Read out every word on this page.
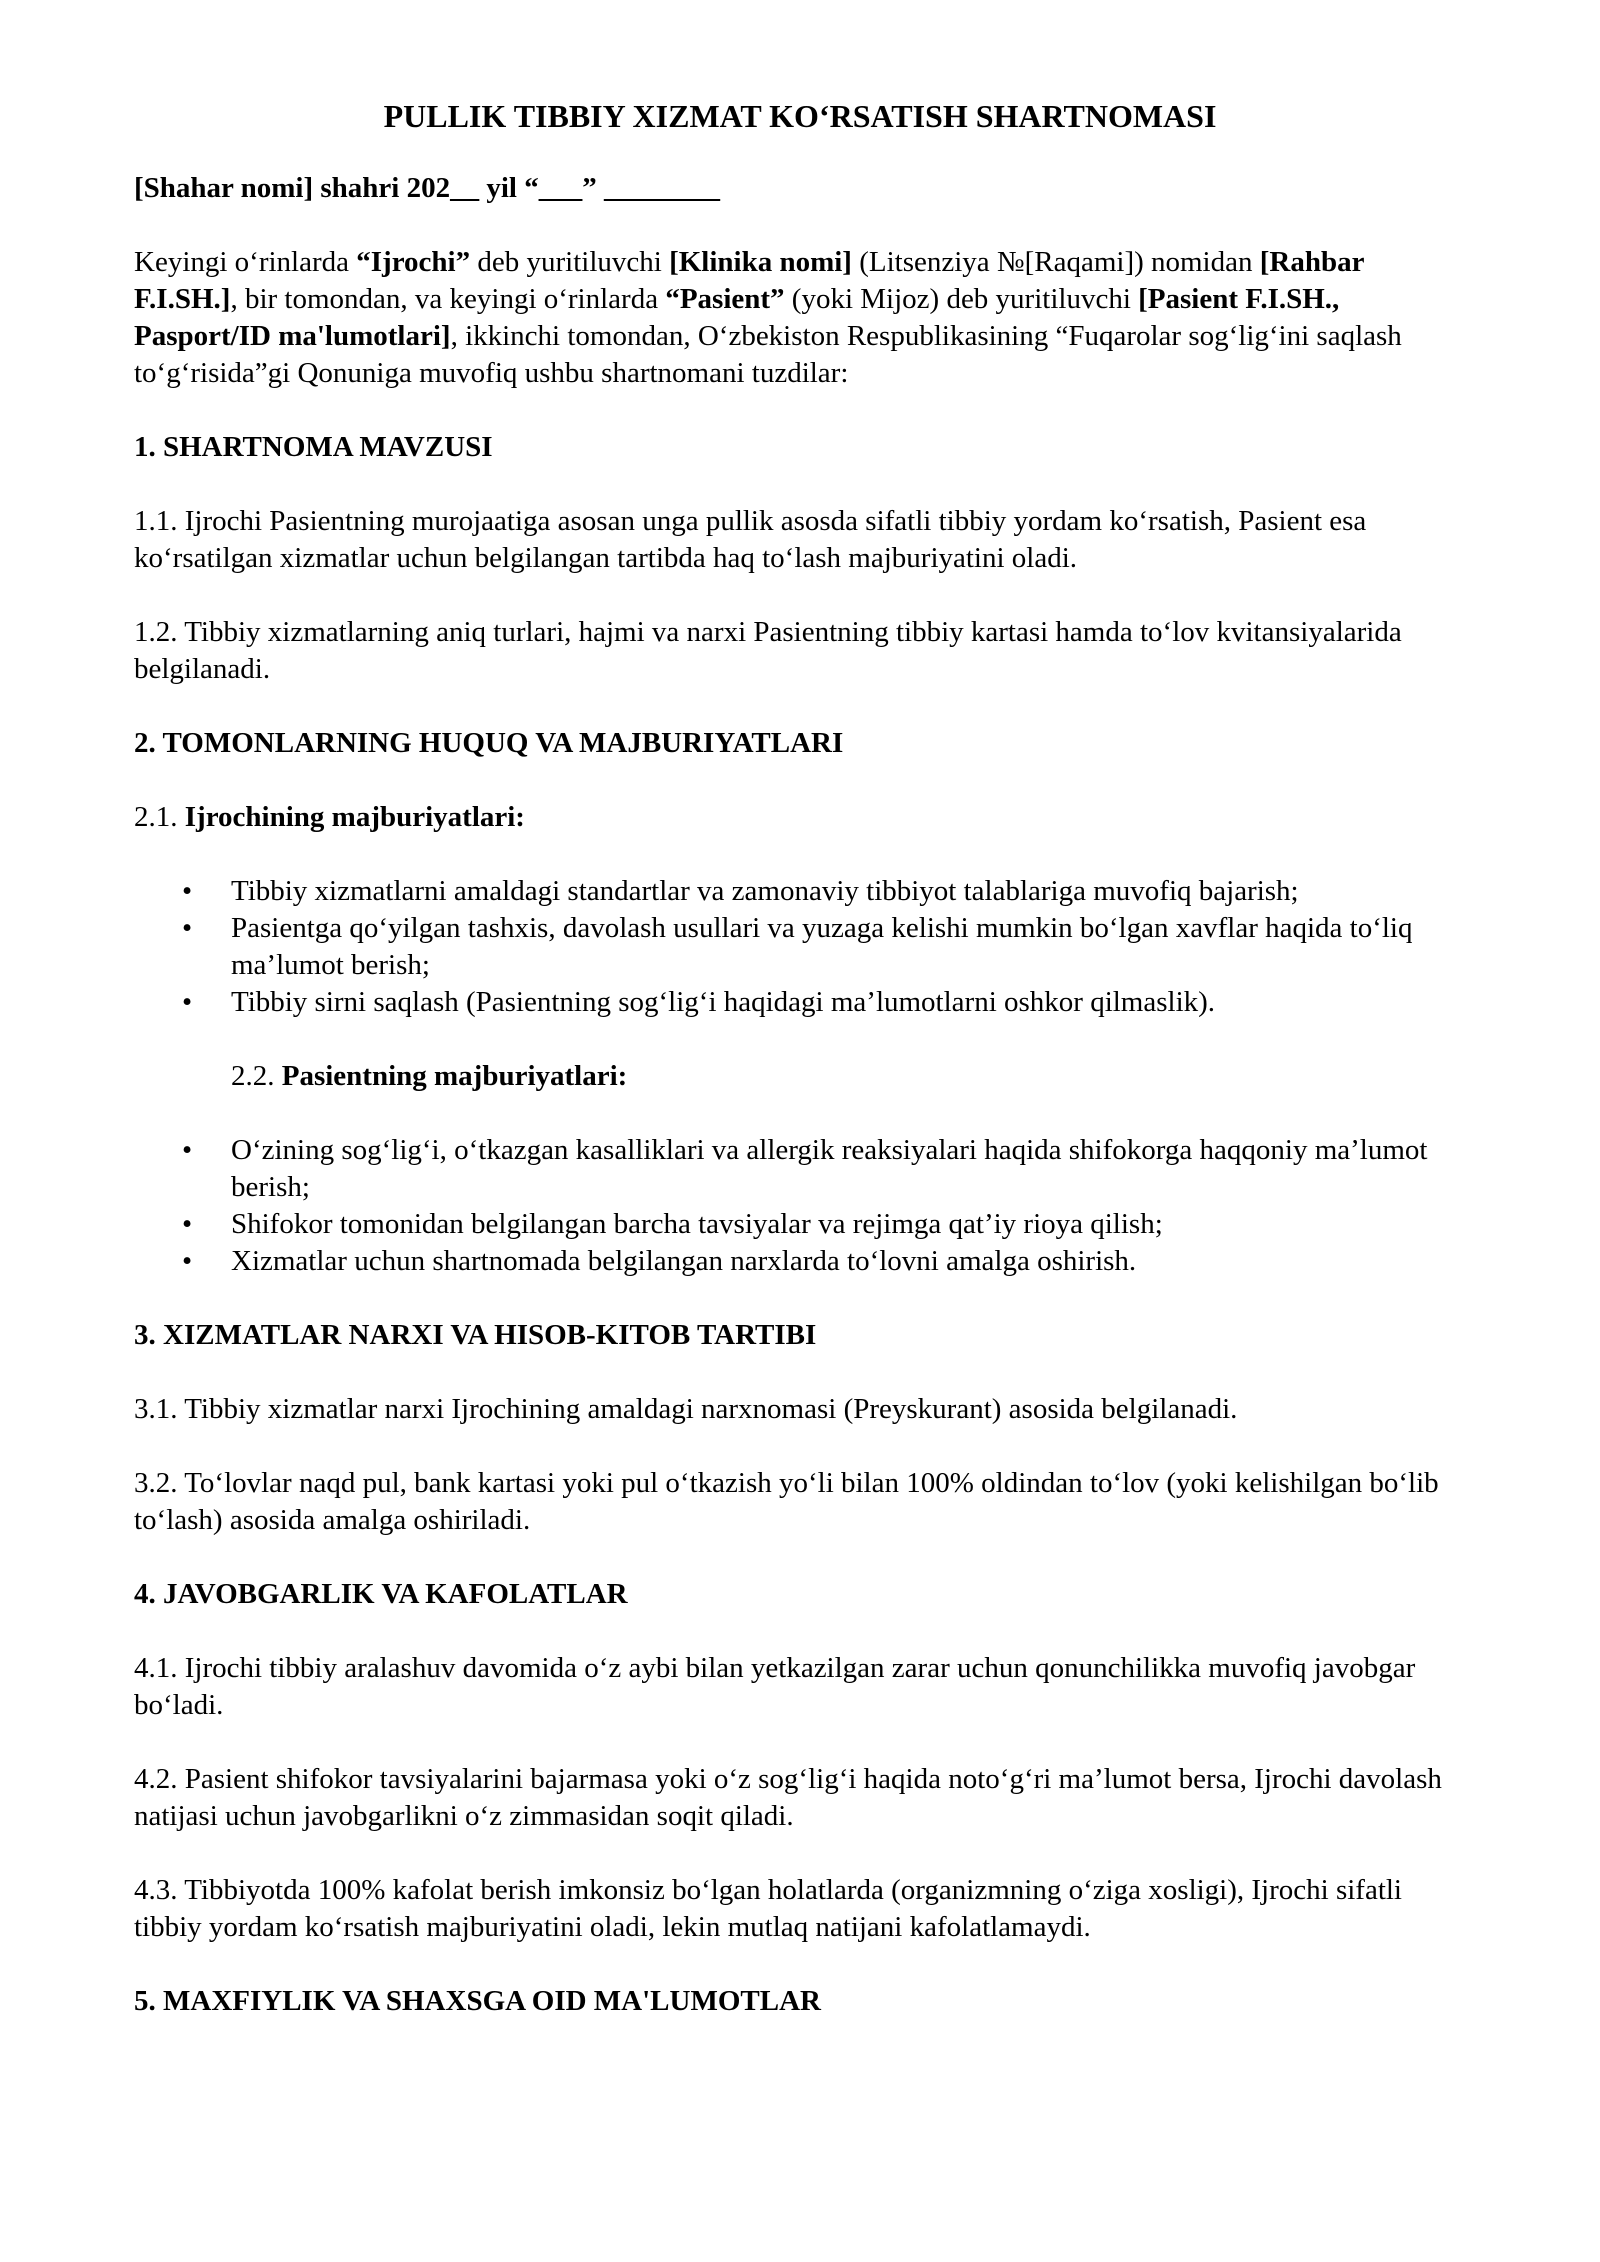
PULLIK TIBBIY XIZMAT KO‘RSATISH SHARTNOMASI
[Shahar nomi] shahri 202__ yil “___” ________

Keyingi o‘rinlarda “Ijrochi” deb yuritiluvchi [Klinika nomi] (Litsenziya №[Raqami]) nomidan [Rahbar F.I.SH.], bir tomondan, va keyingi o‘rinlarda “Pasient” (yoki Mijoz) deb yuritiluvchi [Pasient F.I.SH., Pasport/ID ma'lumotlari], ikkinchi tomondan, O‘zbekiston Respublikasining “Fuqarolar sog‘lig‘ini saqlash to‘g‘risida”gi Qonuniga muvofiq ushbu shartnomani tuzdilar:

1. SHARTNOMA MAVZUSI

1.1. Ijrochi Pasientning murojaatiga asosan unga pullik asosda sifatli tibbiy yordam ko‘rsatish, Pasient esa ko‘rsatilgan xizmatlar uchun belgilangan tartibda haq to‘lash majburiyatini oladi.

1.2. Tibbiy xizmatlarning aniq turlari, hajmi va narxi Pasientning tibbiy kartasi hamda to‘lov kvitansiyalarida belgilanadi.

2. TOMONLARNING HUQUQ VA MAJBURIYATLARI

2.1. Ijrochining majburiyatlari:

• Tibbiy xizmatlarni amaldagi standartlar va zamonaviy tibbiyot talablariga muvofiq bajarish;
• Pasientga qo‘yilgan tashxis, davolash usullari va yuzaga kelishi mumkin bo‘lgan xavflar haqida to‘liq ma’lumot berish;
• Tibbiy sirni saqlash (Pasientning sog‘lig‘i haqidagi ma’lumotlarni oshkor qilmaslik).

2.2. Pasientning majburiyatlari:

• O‘zining sog‘lig‘i, o‘tkazgan kasalliklari va allergik reaksiyalari haqida shifokorga haqqoniy ma’lumot berish;
• Shifokor tomonidan belgilangan barcha tavsiyalar va rejimga qat’iy rioya qilish;
• Xizmatlar uchun shartnomada belgilangan narxlarda to‘lovni amalga oshirish.
3. XIZMATLAR NARXI VA HISOB-KITOB TARTIBI

3.1. Tibbiy xizmatlar narxi Ijrochining amaldagi narxnomasi (Preyskurant) asosida belgilanadi.

3.2. To‘lovlar naqd pul, bank kartasi yoki pul o‘tkazish yo‘li bilan 100% oldindan to‘lov (yoki kelishilgan bo‘lib to‘lash) asosida amalga oshiriladi.

4. JAVOBGARLIK VA KAFOLATLAR

4.1. Ijrochi tibbiy aralashuv davomida o‘z aybi bilan yetkazilgan zarar uchun qonunchilikka muvofiq javobgar bo‘ladi.

4.2. Pasient shifokor tavsiyalarini bajarmasa yoki o‘z sog‘lig‘i haqida noto‘g‘ri ma’lumot bersa, Ijrochi davolash natijasi uchun javobgarlikni o‘z zimmasidan soqit qiladi.

4.3. Tibbiyotda 100% kafolat berish imkonsiz bo‘lgan holatlarda (organizmning o‘ziga xosligi), Ijrochi sifatli tibbiy yordam ko‘rsatish majburiyatini oladi, lekin mutlaq natijani kafolatlamaydi.

5. MAXFIYLIK VA SHAXSGA OID MA'LUMOTLAR
